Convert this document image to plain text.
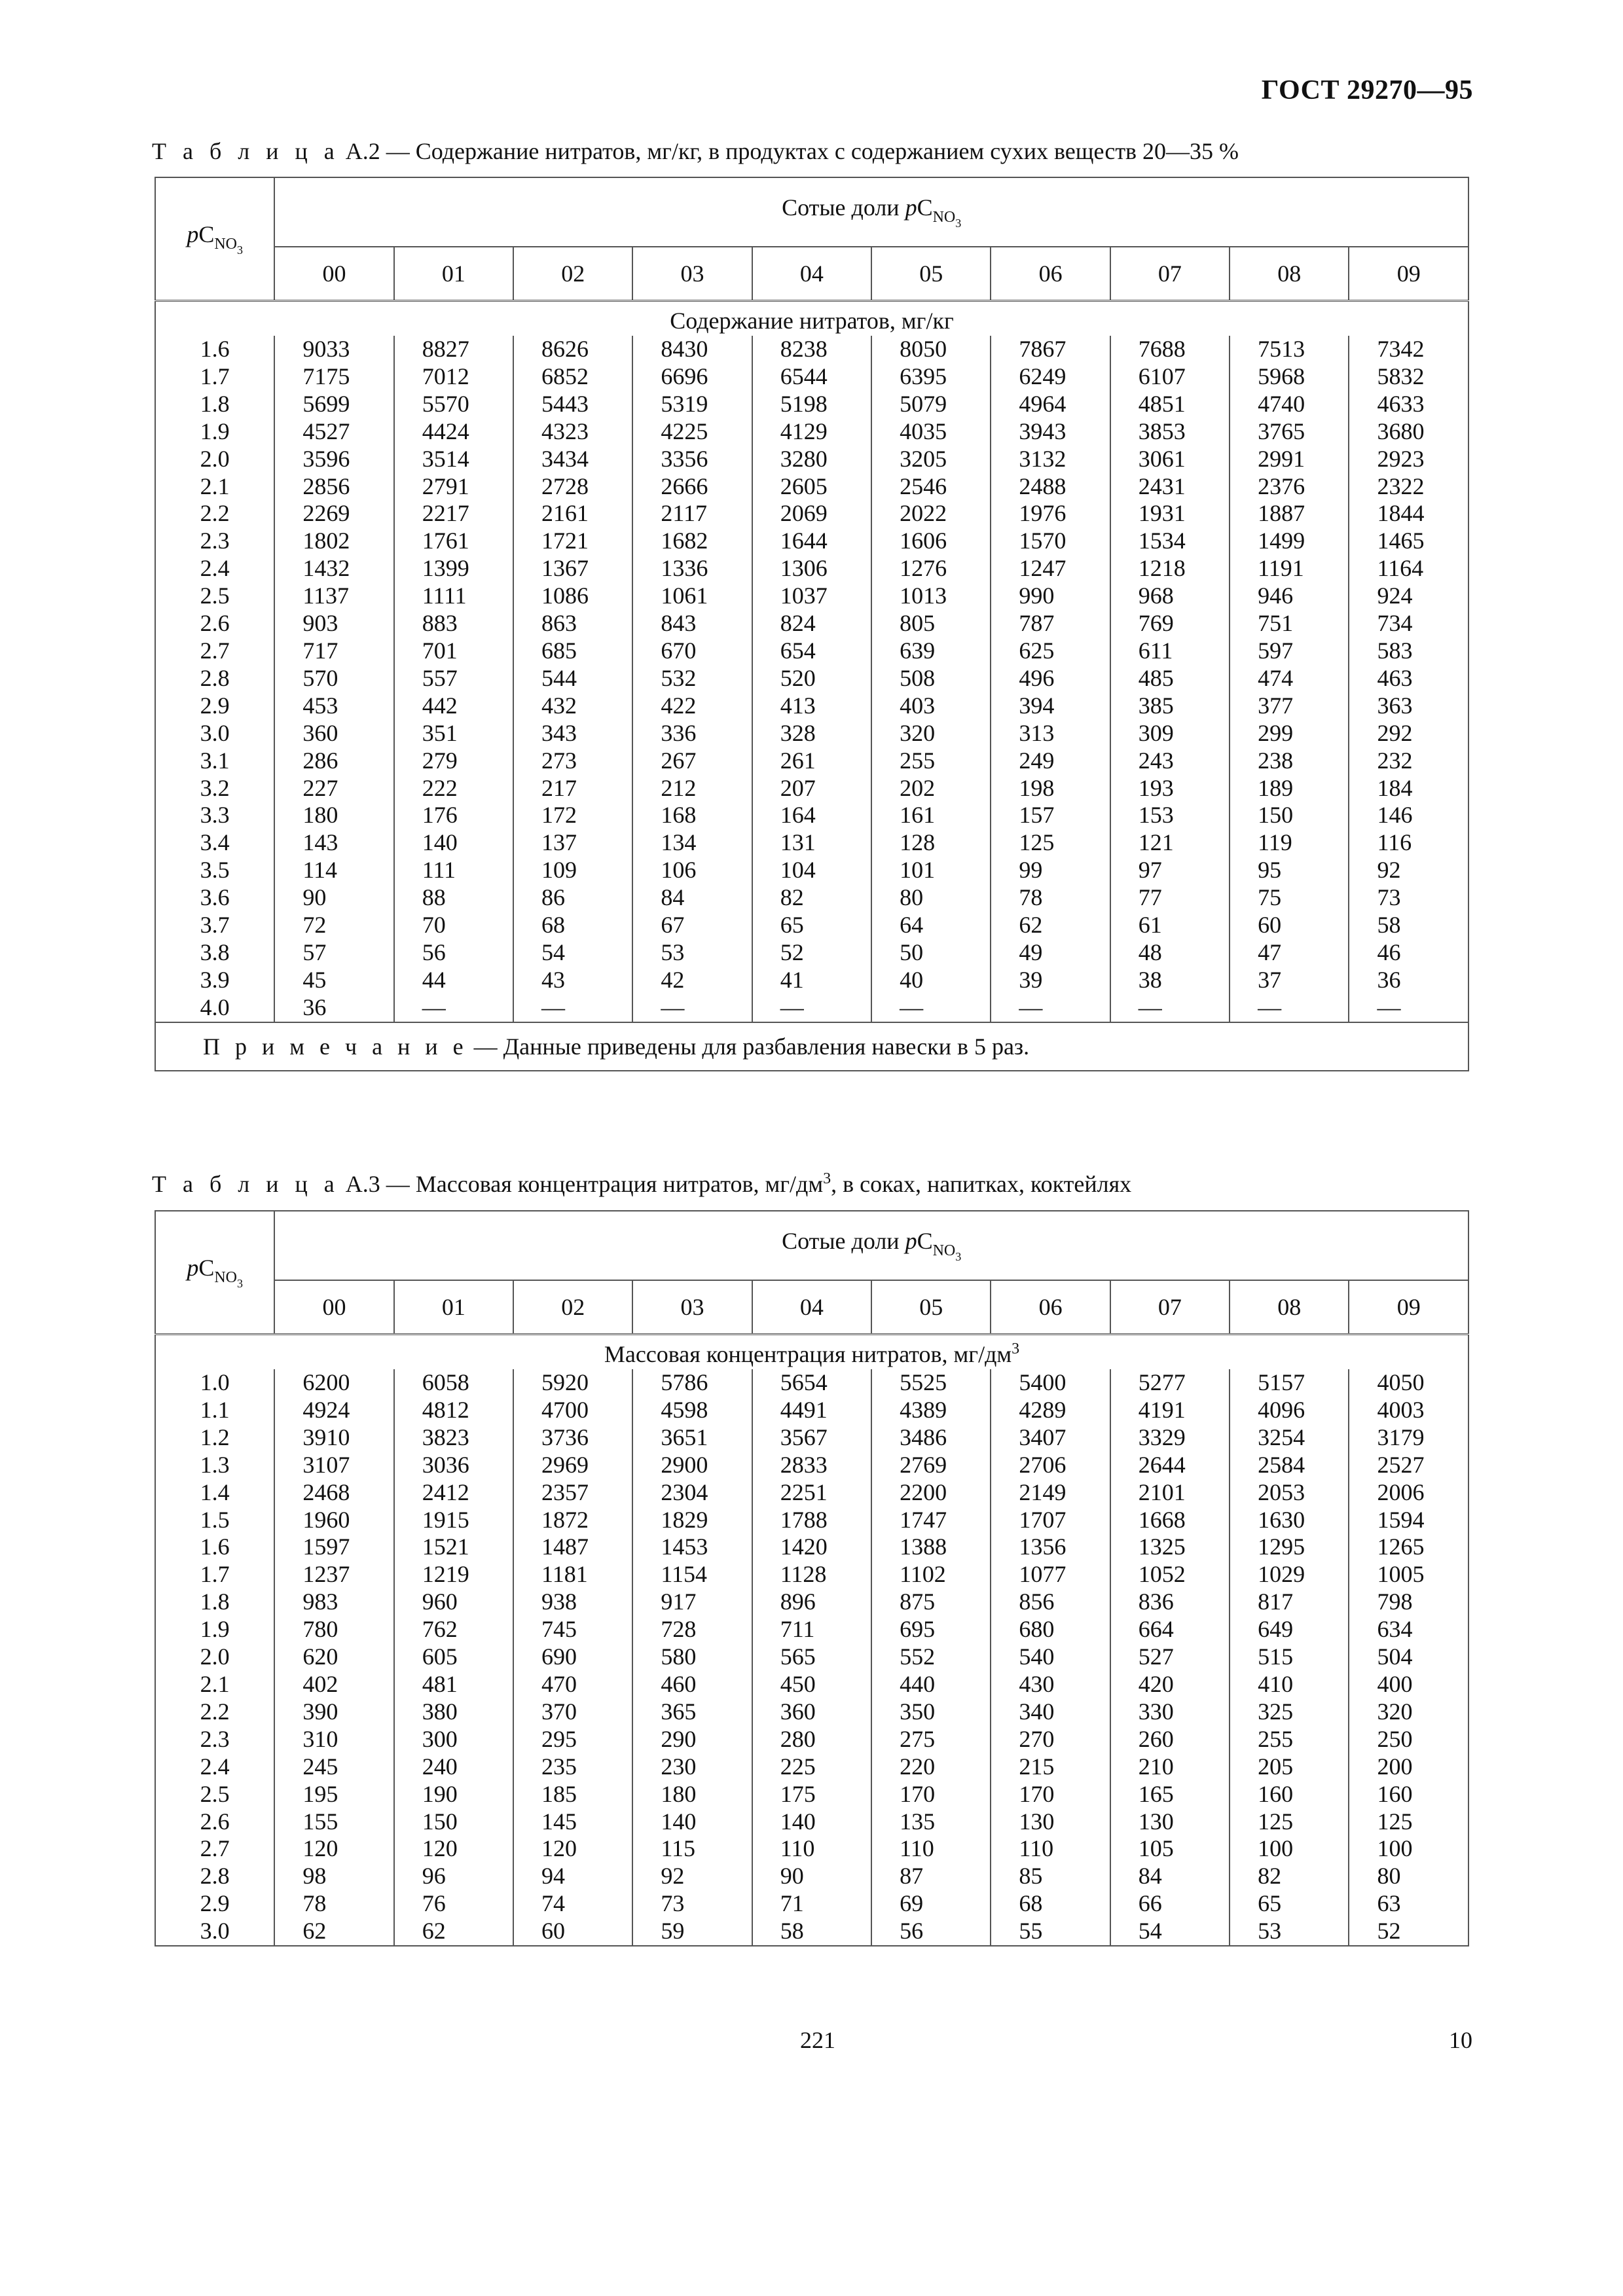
ГОСТ 29270—95
Т а б л и ц а А.2 — Содержание нитратов, мг/кг, в продуктах с содержанием сухих веществ 20—35 %
$pC_{NO3}$	Сотые доли $pC_{NO3}$
	00	01	02	03	04	05	06	07	08	09
Содержание нитратов, мг/кг										
1.6	9033	8827	8626	8430	8238	8050	7867	7688	7513	7342
1.7	7175	7012	6852	6696	6544	6395	6249	6107	5968	5832
1.8	5699	5570	5443	5319	5198	5079	4964	4851	4740	4633
1.9	4527	4424	4323	4225	4129	4035	3943	3853	3765	3680
2.0	3596	3514	3434	3356	3280	3205	3132	3061	2991	2923
2.1	2856	2791	2728	2666	2605	2546	2488	2431	2376	2322
2.2	2269	2217	2161	2117	2069	2022	1976	1931	1887	1844
2.3	1802	1761	1721	1682	1644	1606	1570	1534	1499	1465
2.4	1432	1399	1367	1336	1306	1276	1247	1218	1191	1164
2.5	1137	1111	1086	1061	1037	1013	990	968	946	924
2.6	903	883	863	843	824	805	787	769	751	734
2.7	717	701	685	670	654	639	625	611	597	583
2.8	570	557	544	532	520	508	496	485	474	463
2.9	453	442	432	422	413	403	394	385	377	363
3.0	360	351	343	336	328	320	313	309	299	292
3.1	286	279	273	267	261	255	249	243	238	232
3.2	227	222	217	212	207	202	198	193	189	184
3.3	180	176	172	168	164	161	157	153	150	146
3.4	143	140	137	134	131	128	125	121	119	116
3.5	114	111	109	106	104	101	99	97	95	92
3.6	90	88	86	84	82	80	78	77	75	73
3.7	72	70	68	67	65	64	62	61	60	58
3.8	57	56	54	53	52	50	49	48	47	46
3.9	45	44	43	42	41	40	39	38	37	36
4.0	36	—	—	—	—	—	—	—	—	—
П р и м е ч а н и е — Данные приведены для разбавления навески в 5 раз.										
Т а б л и ц а А.3 — Массовая концентрация нитратов, $мг/дм^3$, в соках, напитках, коктейлях
$pC_{NO3}$	Сотые доли $pC_{NO3}$
	00	01	02	03	04	05	06	07	08	09
Массовая концентрация нитратов, $мг/дм^3$
1.0	6200	6058	5920	5786	5654	5525	5400	5277	5157	4050
1.1	4924	4812	4700	4598	4491	4389	4289	4191	4096	4003
1.2	3910	3823	3736	3651	3567	3486	3407	3329	3254	3179
1.3	3107	3036	2969	2900	2833	2769	2706	2644	2584	2527
1.4	2468	2412	2357	2304	2251	2200	2149	2101	2053	2006
1.5	1960	1915	1872	1829	1788	1747	1707	1668	1630	1594
1.6	1597	1521	1487	1453	1420	1388	1356	1325	1295	1265
1.7	1237	1219	1181	1154	1128	1102	1077	1052	1029	1005
1.8	983	960	938	917	896	875	856	836	817	798
1.9	780	762	745	728	711	695	680	664	649	634
2.0	620	605	690	580	565	552	540	527	515	504
2.1	402	481	470	460	450	440	430	420	410	400
2.2	390	380	370	365	360	350	340	330	325	320
2.3	310	300	295	290	280	275	270	260	255	250
2.4	245	240	235	230	225	220	215	210	205	200
2.5	195	190	185	180	175	170	170	165	160	160
2.6	155	150	145	140	140	135	130	130	125	125
2.7	120	120	120	115	110	110	110	105	100	100
2.8	98	96	94	92	90	87	85	84	82	80
2.9	78	76	74	73	71	69	68	66	65	63
3.0	62	62	60	59	58	56	55	54	53	52
221	10
